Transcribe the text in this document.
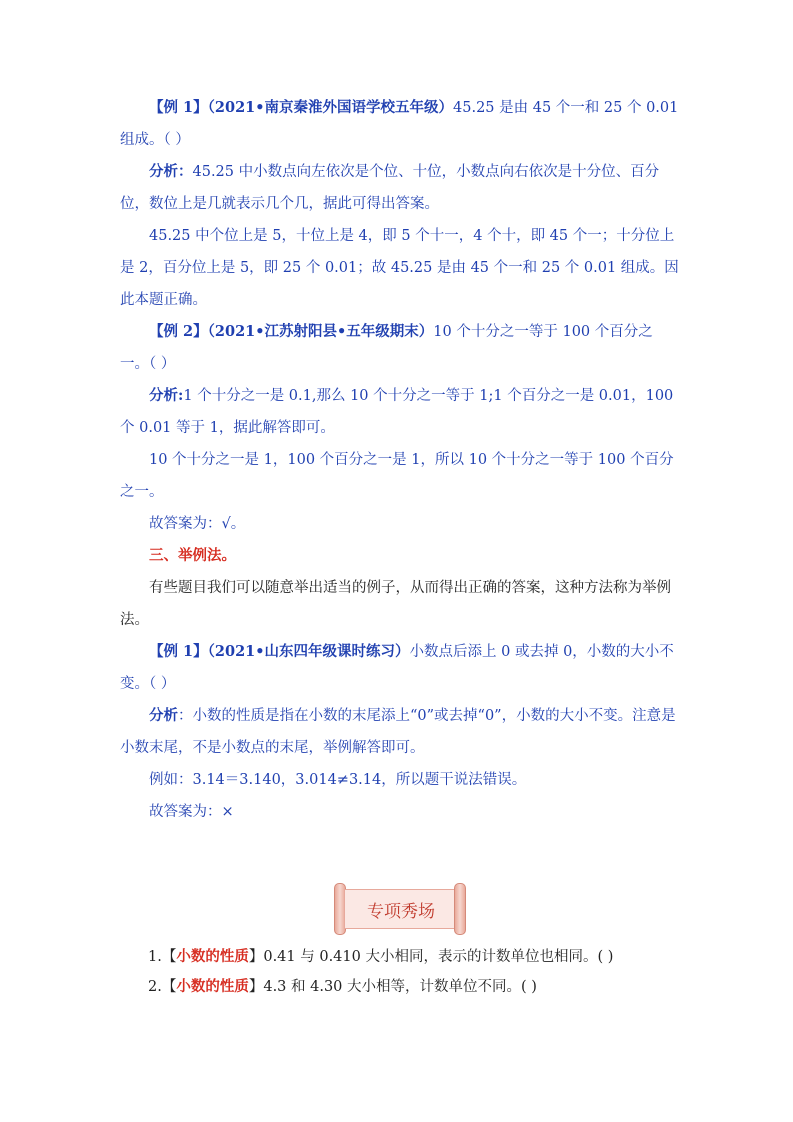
【例 1】（2021•南京秦淮外国语学校五年级）45.25 是由 45 个一和 25 个 0.01 组成。（ ）

分析：45.25 中小数点向左依次是个位、十位，小数点向右依次是十分位、百分位，数位上是几就表示几个几，据此可得出答案。

45.25 中个位上是 5，十位上是 4，即 5 个十一，4 个十，即 45 个一；十分位上是 2，百分位上是 5，即 25 个 0.01；故 45.25 是由 45 个一和 25 个 0.01 组成。因此本题正确。

【例 2】（2021•江苏射阳县•五年级期末）10 个十分之一等于 100 个百分之一。（ ）

分析:1 个十分之一是 0.1,那么 10 个十分之一等于 1;1 个百分之一是 0.01，100 个 0.01 等于 1，据此解答即可。

10 个十分之一是 1，100 个百分之一是 1，所以 10 个十分之一等于 100 个百分之一。

故答案为：√。

三、举例法。

有些题目我们可以随意举出适当的例子，从而得出正确的答案，这种方法称为举例法。

【例 1】（2021•山东四年级课时练习）小数点后添上 0 或去掉 0，小数的大小不变。（ ）

分析：小数的性质是指在小数的末尾添上“0”或去掉“0”，小数的大小不变。注意是小数末尾，不是小数点的末尾，举例解答即可。

例如：3.14＝3.140，3.014≠3.14，所以题干说法错误。

故答案为：×

专项秀场

1.【小数的性质】0.41 与 0.410 大小相同，表示的计数单位也相同。( )

2.【小数的性质】4.3 和 4.30 大小相等，计数单位不同。( )
